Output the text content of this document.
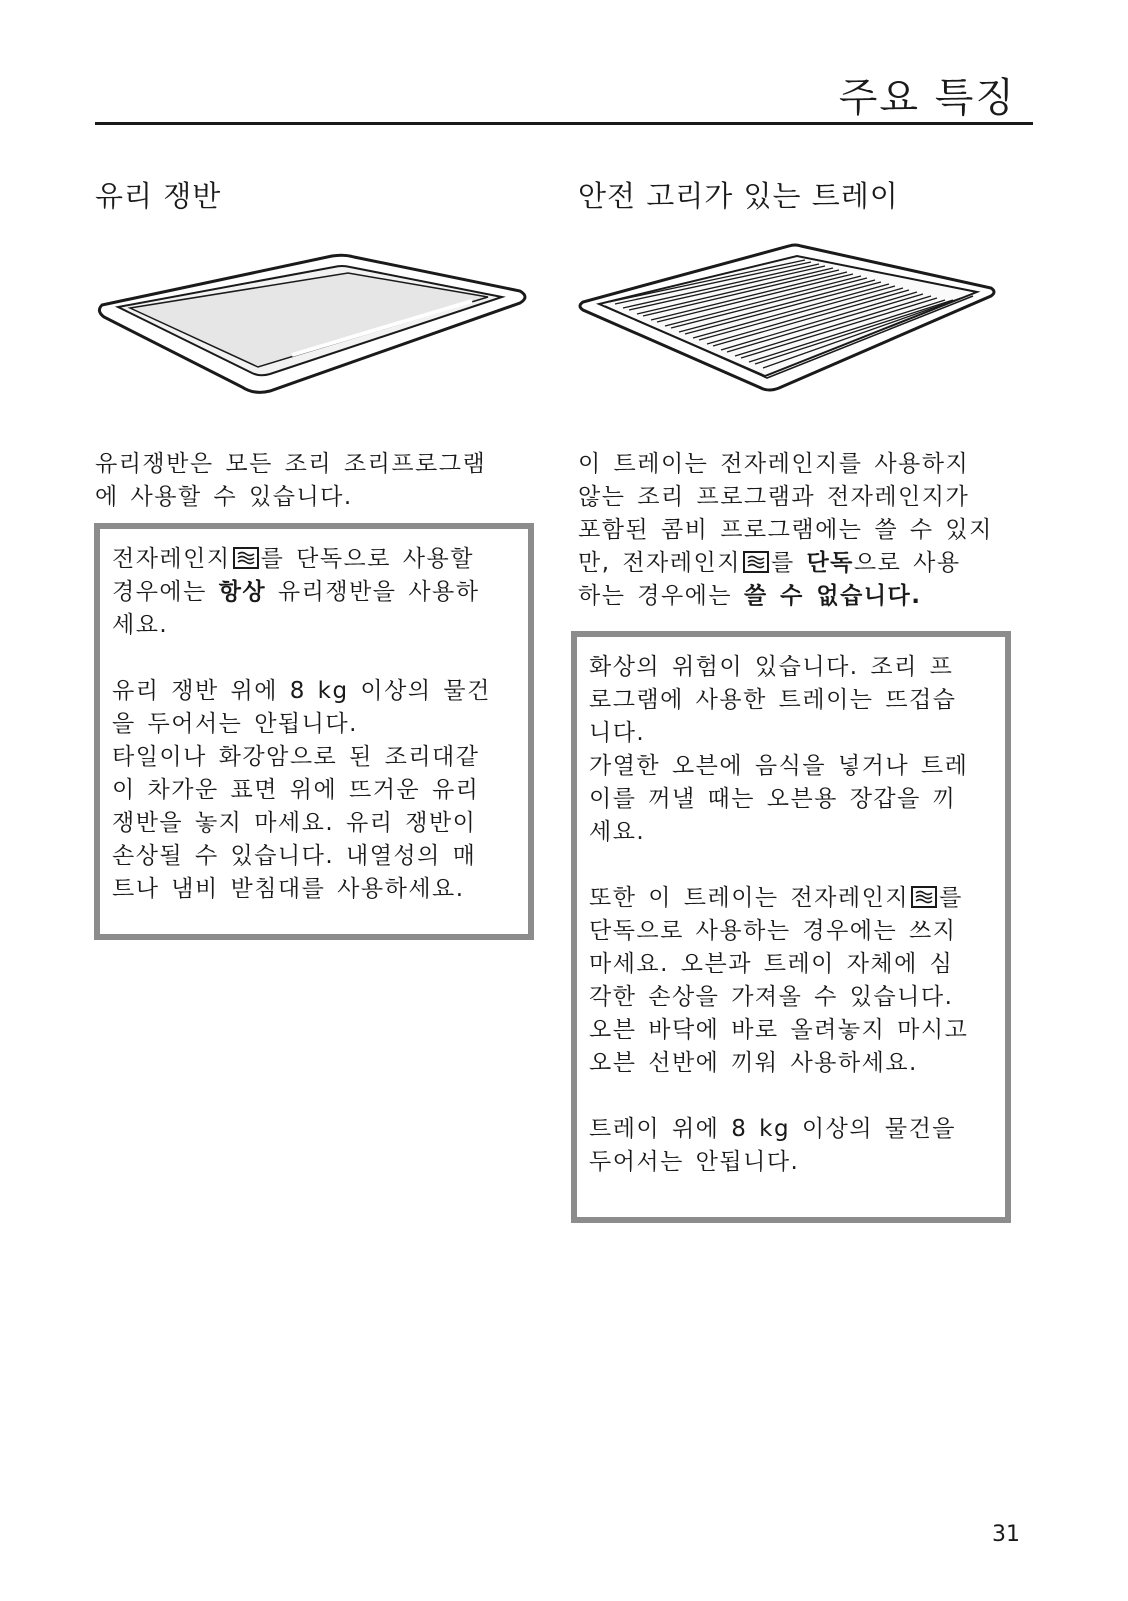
주요 특징
유리 쟁반
유리쟁반은 모든 조리 조리프로그램
에 사용할 수 있습니다.
전자레인지 를 단독으로 사용할
경우에는 항상 유리쟁반을 사용하
세요.
유리 쟁반 위에 8 kg 이상의 물건
을 두어서는 안됩니다.
타일이나 화강암으로 된 조리대같
이 차가운 표면 위에 뜨거운 유리
쟁반을 놓지 마세요. 유리 쟁반이
손상될 수 있습니다. 내열성의 매
트나 냄비 받침대를 사용하세요.
안전 고리가 있는 트레이
이 트레이는 전자레인지를 사용하지
않는 조리 프로그램과 전자레인지가
포함된 콤비 프로그램에는 쓸 수 있지
만, 전자레인지 를 단독으로 사용
하는 경우에는 쓸 수 없습니다.
화상의 위험이 있습니다. 조리 프
로그램에 사용한 트레이는 뜨겁습
니다.
가열한 오븐에 음식을 넣거나 트레
이를 꺼낼 때는 오븐용 장갑을 끼
세요.
또한 이 트레이는 전자레인지 를
단독으로 사용하는 경우에는 쓰지
마세요. 오븐과 트레이 자체에 심
각한 손상을 가져올 수 있습니다.
오븐 바닥에 바로 올려놓지 마시고
오븐 선반에 끼워 사용하세요.
트레이 위에 8 kg 이상의 물건을
두어서는 안됩니다.
31
